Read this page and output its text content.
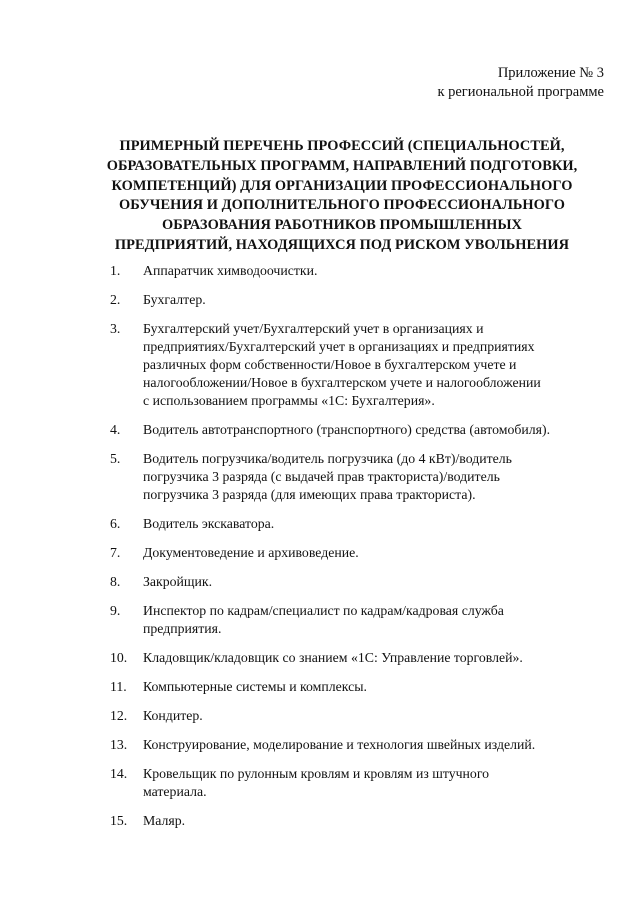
Приложение № 3
к региональной программе
ПРИМЕРНЫЙ ПЕРЕЧЕНЬ ПРОФЕССИЙ (СПЕЦИАЛЬНОСТЕЙ,
ОБРАЗОВАТЕЛЬНЫХ ПРОГРАММ, НАПРАВЛЕНИЙ ПОДГОТОВКИ,
КОМПЕТЕНЦИЙ) ДЛЯ ОРГАНИЗАЦИИ ПРОФЕССИОНАЛЬНОГО
ОБУЧЕНИЯ И ДОПОЛНИТЕЛЬНОГО ПРОФЕССИОНАЛЬНОГО
ОБРАЗОВАНИЯ РАБОТНИКОВ ПРОМЫШЛЕННЫХ
ПРЕДПРИЯТИЙ, НАХОДЯЩИХСЯ ПОД РИСКОМ УВОЛЬНЕНИЯ
1. Аппаратчик химводоочистки.
2. Бухгалтер.
3. Бухгалтерский учет/Бухгалтерский учет в организациях и
предприятиях/Бухгалтерский учет в организациях и предприятиях
различных форм собственности/Новое в бухгалтерском учете и
налогообложении/Новое в бухгалтерском учете и налогообложении
с использованием программы «1С: Бухгалтерия».
4. Водитель автотранспортного (транспортного) средства (автомобиля).
5. Водитель погрузчика/водитель погрузчика (до 4 кВт)/водитель
погрузчика 3 разряда (с выдачей прав тракториста)/водитель
погрузчика 3 разряда (для имеющих права тракториста).
6. Водитель экскаватора.
7. Документоведение и архивоведение.
8. Закройщик.
9. Инспектор по кадрам/специалист по кадрам/кадровая служба
предприятия.
10. Кладовщик/кладовщик со знанием «1С: Управление торговлей».
11. Компьютерные системы и комплексы.
12. Кондитер.
13. Конструирование, моделирование и технология швейных изделий.
14. Кровельщик по рулонным кровлям и кровлям из штучного
материала.
15. Маляр.
